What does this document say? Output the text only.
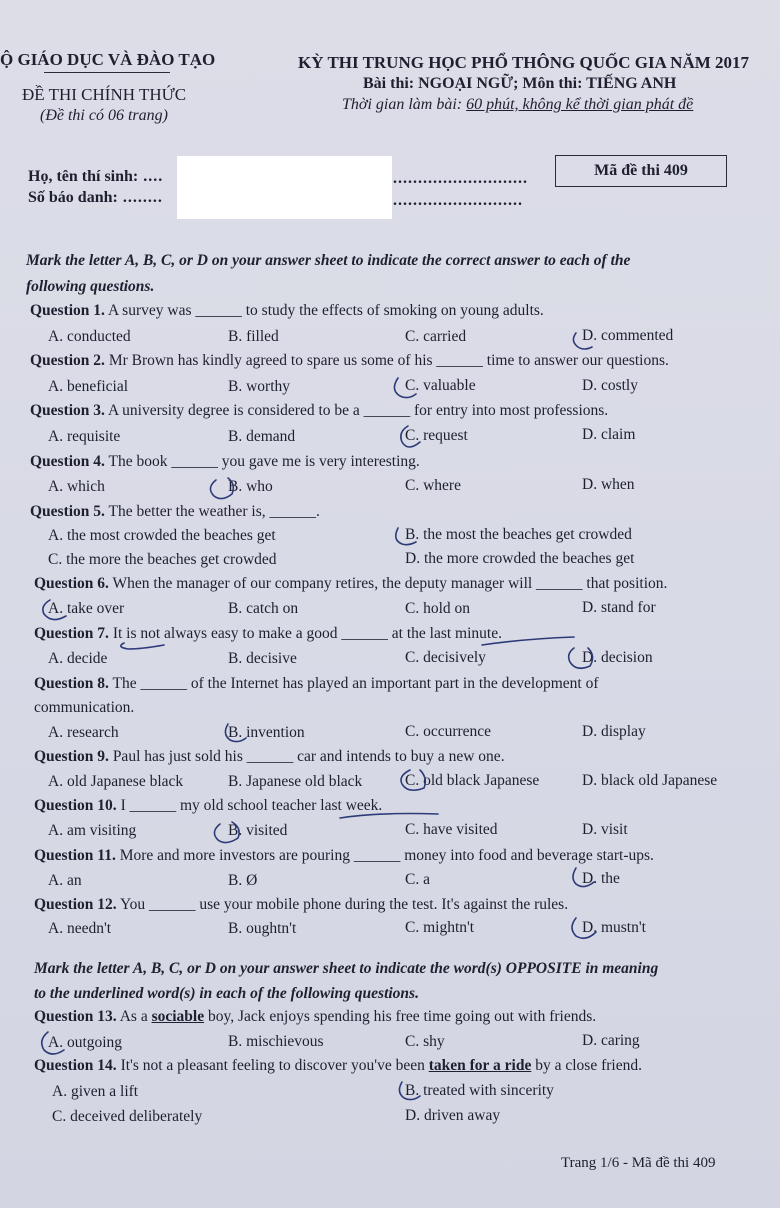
Ộ GIÁO DỤC VÀ ĐÀO TẠO
ĐỀ THI CHÍNH THỨC
(Đề thi có 06 trang)
KỲ THI TRUNG HỌC PHỔ THÔNG QUỐC GIA NĂM 2017
Bài thi: NGOẠI NGỮ; Môn thi: TIẾNG ANH
Thời gian làm bài: 60 phút, không kể thời gian phát đề
Họ, tên thí sinh: ....	...........................
Số báo danh: ........	..........................
Mã đề thi 409
Mark the letter A, B, C, or D on your answer sheet to indicate the correct answer to each of the
following questions.
Question 1. A survey was ______ to study the effects of smoking on young adults.
A. conducted	B. filled	C. carried	D. commented
Question 2. Mr Brown has kindly agreed to spare us some of his ______ time to answer our questions.
A. beneficial	B. worthy	C. valuable	D. costly
Question 3. A university degree is considered to be a ______ for entry into most professions.
A. requisite	B. demand	C. request	D. claim
Question 4. The book ______ you gave me is very interesting.
A. which	B. who	C. where	D. when
Question 5. The better the weather is, ______.
A. the most crowded the beaches get	B. the most the beaches get crowded
C. the more the beaches get crowded	D. the more crowded the beaches get
Question 6. When the manager of our company retires, the deputy manager will ______ that position.
A. take over	B. catch on	C. hold on	D. stand for
Question 7. It is not always easy to make a good ______ at the last minute.
A. decide	B. decisive	C. decisively	D. decision
Question 8. The ______ of the Internet has played an important part in the development of
communication.
A. research	B. invention	C. occurrence	D. display
Question 9. Paul has just sold his ______ car and intends to buy a new one.
A. old Japanese black	B. Japanese old black	C. old black Japanese	D. black old Japanese
Question 10. I ______ my old school teacher last week.
A. am visiting	B. visited	C. have visited	D. visit
Question 11. More and more investors are pouring ______ money into food and beverage start-ups.
A. an	B. Ø	C. a	D. the
Question 12. You ______ use your mobile phone during the test. It's against the rules.
A. needn't	B. oughtn't	C. mightn't	D. mustn't
Mark the letter A, B, C, or D on your answer sheet to indicate the word(s) OPPOSITE in meaning
to the underlined word(s) in each of the following questions.
Question 13. As a sociable boy, Jack enjoys spending his free time going out with friends.
A. outgoing	B. mischievous	C. shy	D. caring
Question 14. It's not a pleasant feeling to discover you've been taken for a ride by a close friend.
A. given a lift	B. treated with sincerity
C. deceived deliberately	D. driven away
Trang 1/6 - Mã đề thi 409
